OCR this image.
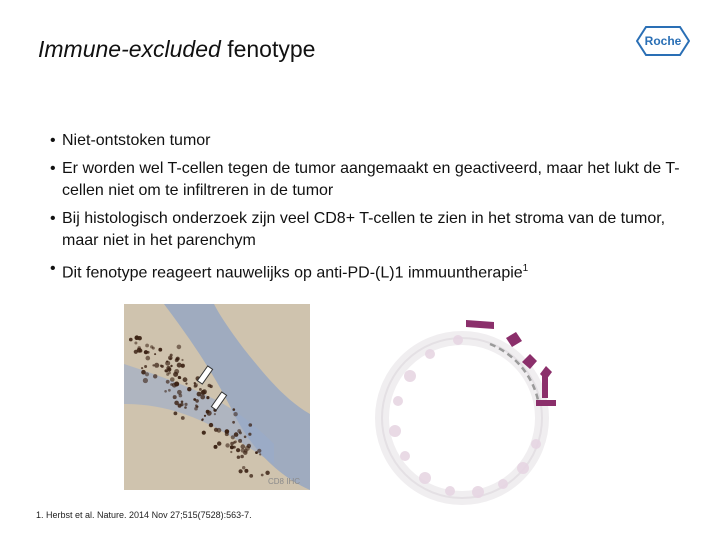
Immune-excluded fenotype	Roche
• Niet-ontstoken tumor
• Er worden wel T-cellen tegen de tumor aangemaakt en geactiveerd, maar het lukt de T-cellen niet om te infiltreren in de tumor
• Bij histologisch onderzoek zijn veel CD8+ T-cellen te zien in het stroma van de tumor, maar niet in het parenchym
• Dit fenotype reageert nauwelijks op anti-PD-(L)1 immuuntherapie$^1$
CD8 IHC
1. Herbst et al. Nature. 2014 Nov 27;515(7528):563-7.
